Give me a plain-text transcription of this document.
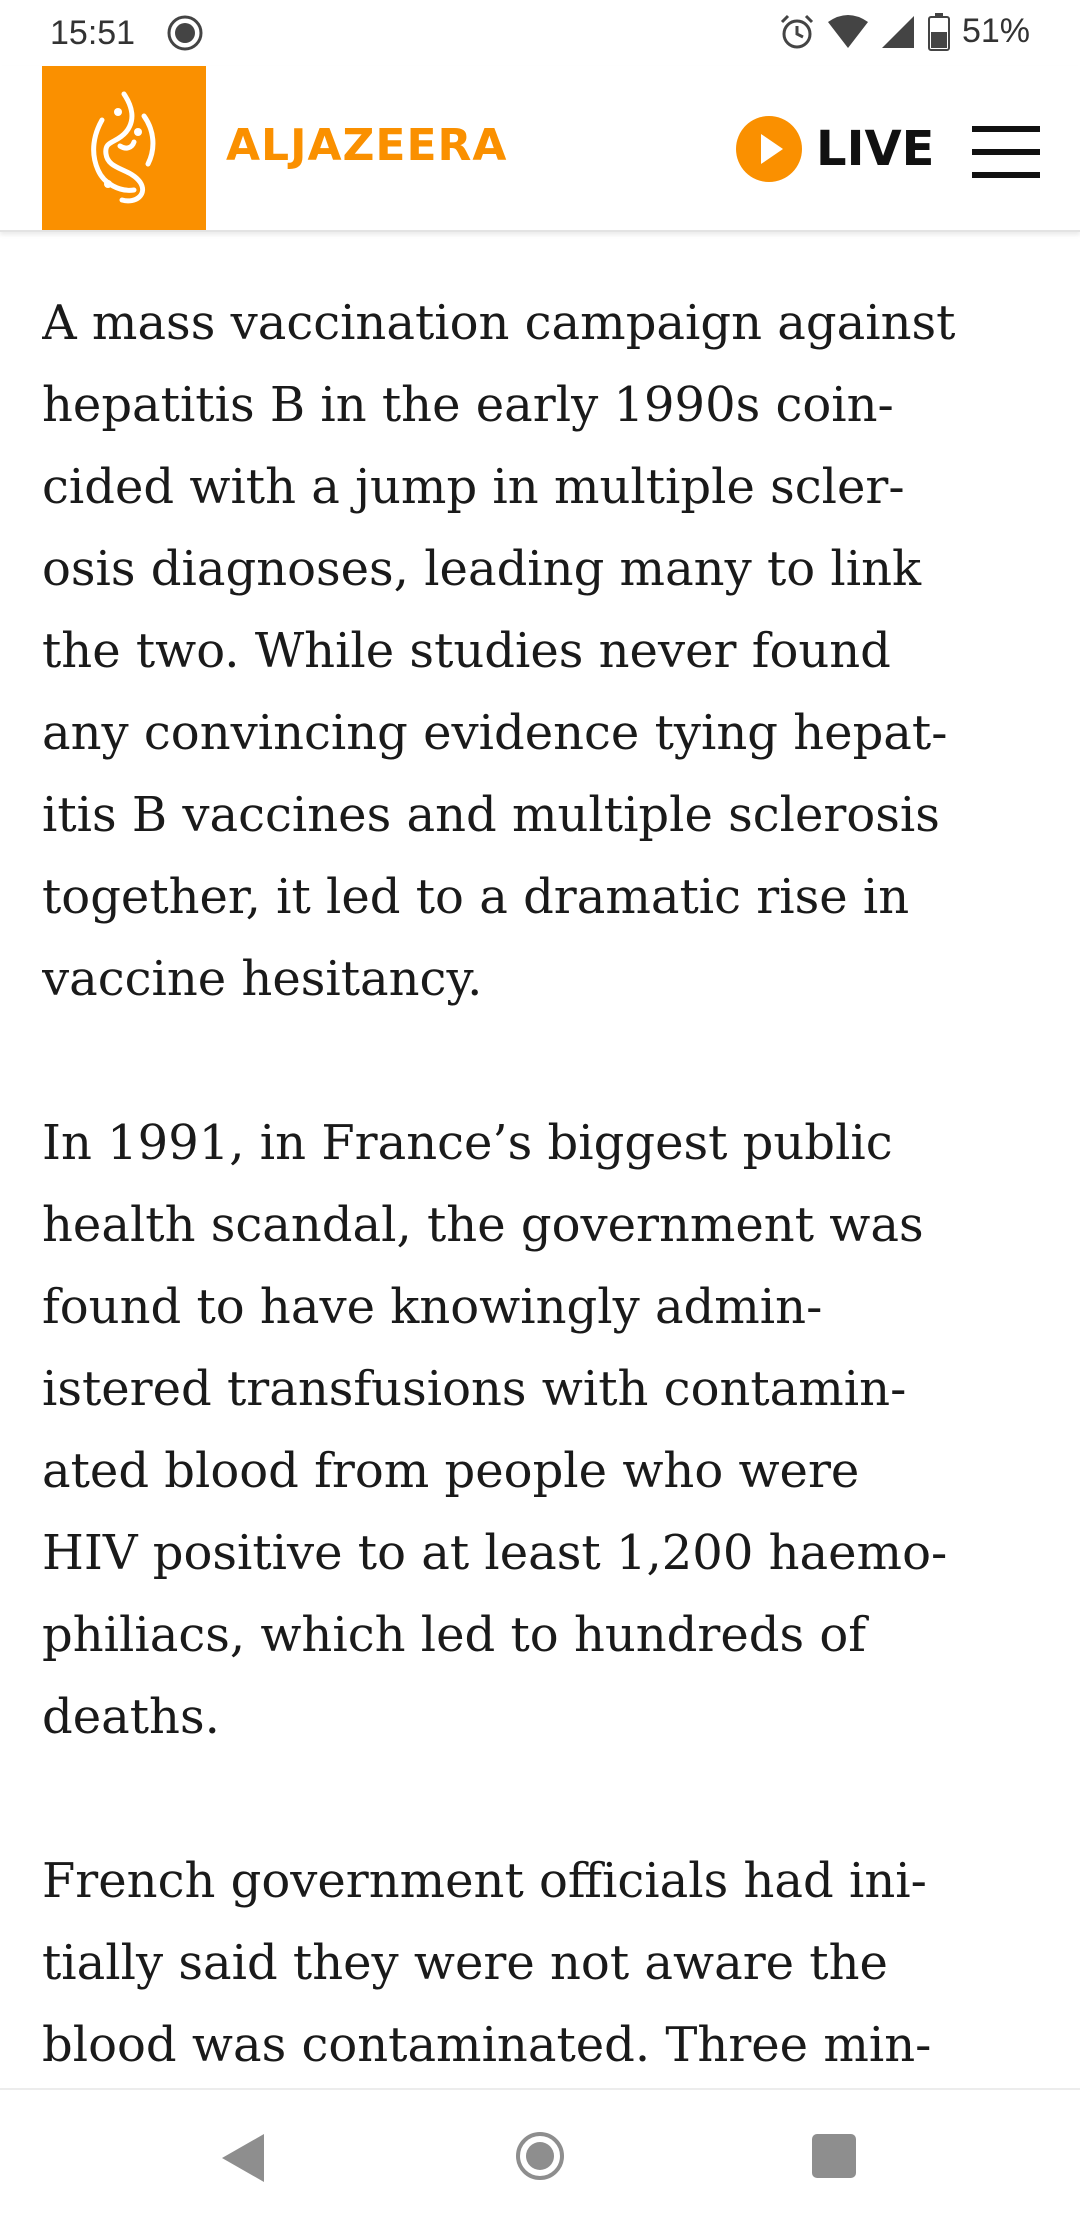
15:51	51%
ALJAZEERA	LIVE

A mass vaccination campaign against
hepatitis B in the early 1990s coin-
cided with a jump in multiple scler-
osis diagnoses, leading many to link
the two. While studies never found
any convincing evidence tying hepat-
itis B vaccines and multiple sclerosis
together, it led to a dramatic rise in
vaccine hesitancy.

In 1991, in France’s biggest public
health scandal, the government was
found to have knowingly admin-
istered transfusions with contamin-
ated blood from people who were
HIV positive to at least 1,200 haemo-
philiacs, which led to hundreds of
deaths.

French government officials had ini-
tially said they were not aware the
blood was contaminated. Three min-
